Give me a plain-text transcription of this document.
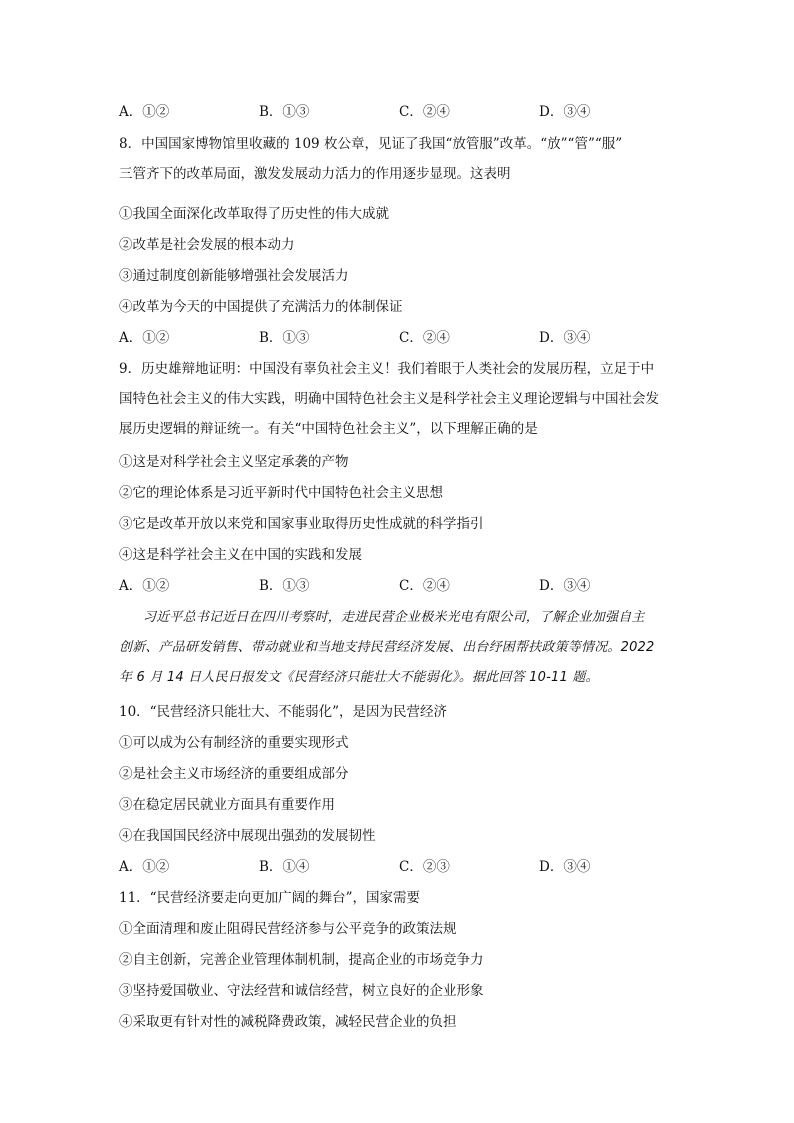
A．①②	B．①③	C．②④	D．③④
8．中国国家博物馆里收藏的 109 枚公章，见证了我国“放管服”改革。“放”“管”“服”
三管齐下的改革局面，激发发展动力活力的作用逐步显现。这表明
①我国全面深化改革取得了历史性的伟大成就
②改革是社会发展的根本动力
③通过制度创新能够增强社会发展活力
④改革为今天的中国提供了充满活力的体制保证
A．①②	B．①③	C．②④	D．③④
9．历史雄辩地证明：中国没有辜负社会主义！我们着眼于人类社会的发展历程，立足于中
国特色社会主义的伟大实践，明确中国特色社会主义是科学社会主义理论逻辑与中国社会发
展历史逻辑的辩证统一。有关“中国特色社会主义”，以下理解正确的是
①这是对科学社会主义坚定承袭的产物
②它的理论体系是习近平新时代中国特色社会主义思想
③它是改革开放以来党和国家事业取得历史性成就的科学指引
④这是科学社会主义在中国的实践和发展
A．①②	B．①③	C．②④	D．③④
习近平总书记近日在四川考察时，走进民营企业极米光电有限公司，了解企业加强自主
创新、产品研发销售、带动就业和当地支持民营经济发展、出台纾困帮扶政策等情况。2022
年 6 月 14 日人民日报发文《民营经济只能壮大不能弱化》。据此回答 10-11 题。
10．“民营经济只能壮大、不能弱化”，是因为民营经济
①可以成为公有制经济的重要实现形式
②是社会主义市场经济的重要组成部分
③在稳定居民就业方面具有重要作用
④在我国国民经济中展现出强劲的发展韧性
A．①②	B．①④	C．②③	D．③④
11．“民营经济要走向更加广阔的舞台”，国家需要
①全面清理和废止阻碍民营经济参与公平竞争的政策法规
②自主创新，完善企业管理体制机制，提高企业的市场竞争力
③坚持爱国敬业、守法经营和诚信经营，树立良好的企业形象
④采取更有针对性的减税降费政策，减轻民营企业的负担
